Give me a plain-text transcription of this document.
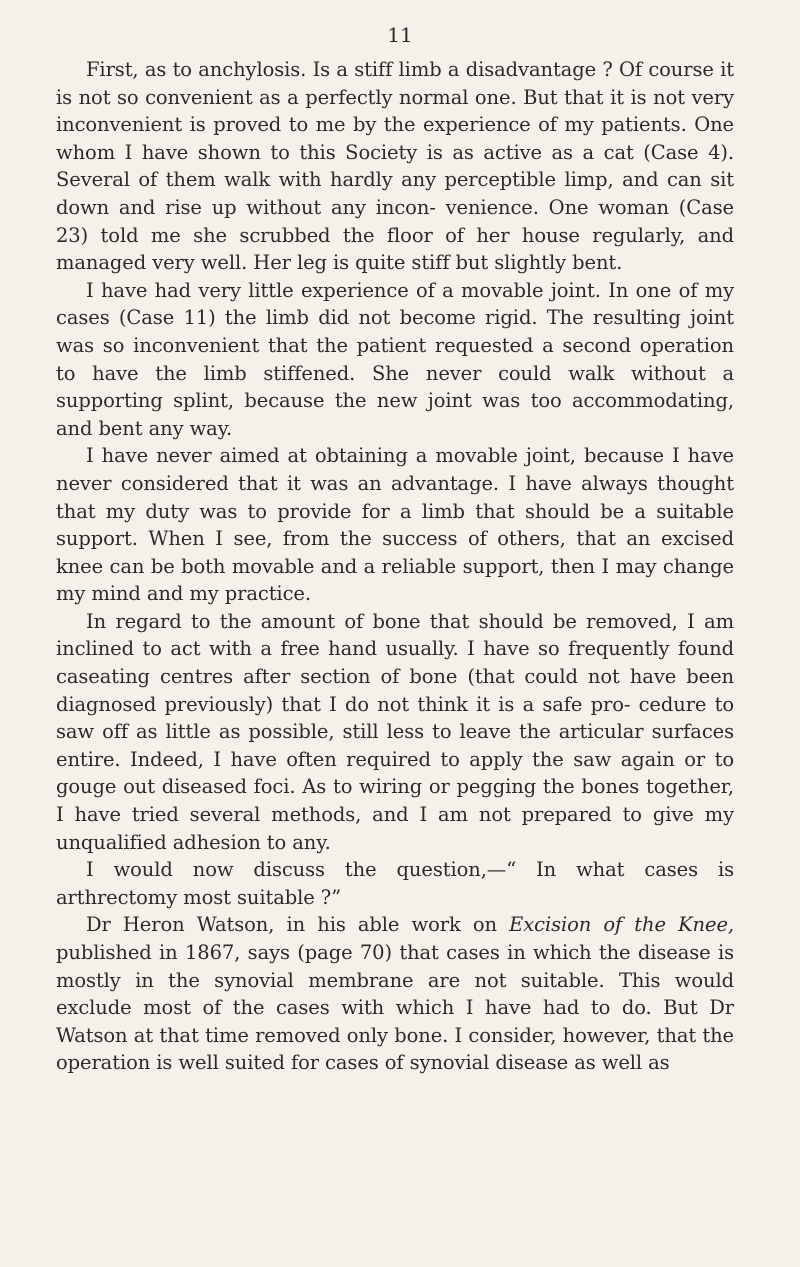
11

First, as to anchylosis. Is a stiff limb a disadvantage ? Of course it is not so convenient as a perfectly normal one. But that it is not very inconvenient is proved to me by the experience of my patients. One whom I have shown to this Society is as active as a cat (Case 4). Several of them walk with hardly any perceptible limp, and can sit down and rise up without any incon- venience. One woman (Case 23) told me she scrubbed the floor of her house regularly, and managed very well. Her leg is quite stiff but slightly bent.

I have had very little experience of a movable joint. In one of my cases (Case 11) the limb did not become rigid. The resulting joint was so inconvenient that the patient requested a second operation to have the limb stiffened. She never could walk without a supporting splint, because the new joint was too accommodating, and bent any way.

I have never aimed at obtaining a movable joint, because I have never considered that it was an advantage. I have always thought that my duty was to provide for a limb that should be a suitable support. When I see, from the success of others, that an excised knee can be both movable and a reliable support, then I may change my mind and my practice.

In regard to the amount of bone that should be removed, I am inclined to act with a free hand usually. I have so frequently found caseating centres after section of bone (that could not have been diagnosed previously) that I do not think it is a safe pro- cedure to saw off as little as possible, still less to leave the articular surfaces entire. Indeed, I have often required to apply the saw again or to gouge out diseased foci. As to wiring or pegging the bones together, I have tried several methods, and I am not prepared to give my unqualified adhesion to any.

I would now discuss the question,—“ In what cases is arthrectomy most suitable ?”

Dr Heron Watson, in his able work on Excision of the Knee, published in 1867, says (page 70) that cases in which the disease is mostly in the synovial membrane are not suitable. This would exclude most of the cases with which I have had to do. But Dr Watson at that time removed only bone. I consider, however, that the operation is well suited for cases of synovial disease as well as
